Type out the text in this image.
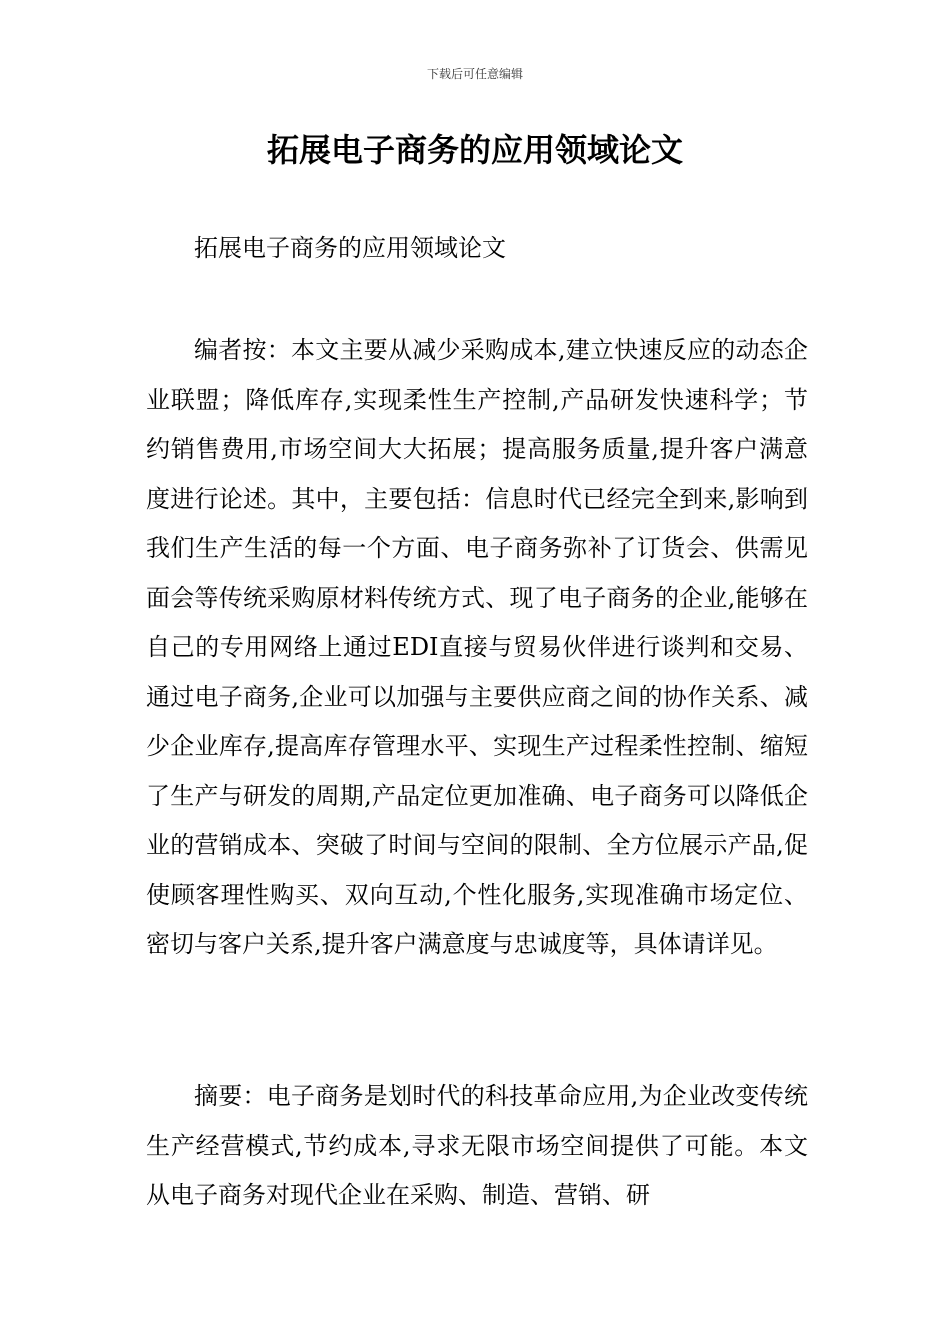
下载后可任意编辑
拓展电子商务的应用领域论文

拓展电子商务的应用领域论文

编者按：本文主要从减少采购成本,建立快速反应的动态企业联盟；降低库存,实现柔性生产控制,产品研发快速科学；节约销售费用,市场空间大大拓展；提高服务质量,提升客户满意度进行论述。其中，主要包括：信息时代已经完全到来,影响到我们生产生活的每一个方面、电子商务弥补了订货会、供需见面会等传统采购原材料传统方式、现了电子商务的企业,能够在自己的专用网络上通过EDI直接与贸易伙伴进行谈判和交易、通过电子商务,企业可以加强与主要供应商之间的协作关系、减少企业库存,提高库存管理水平、实现生产过程柔性控制、缩短了生产与研发的周期,产品定位更加准确、电子商务可以降低企业的营销成本、突破了时间与空间的限制、全方位展示产品,促使顾客理性购买、双向互动,个性化服务,实现准确市场定位、密切与客户关系,提升客户满意度与忠诚度等，具体请详见。

摘要：电子商务是划时代的科技革命应用,为企业改变传统生产经营模式,节约成本,寻求无限市场空间提供了可能。本文从电子商务对现代企业在采购、制造、营销、研
